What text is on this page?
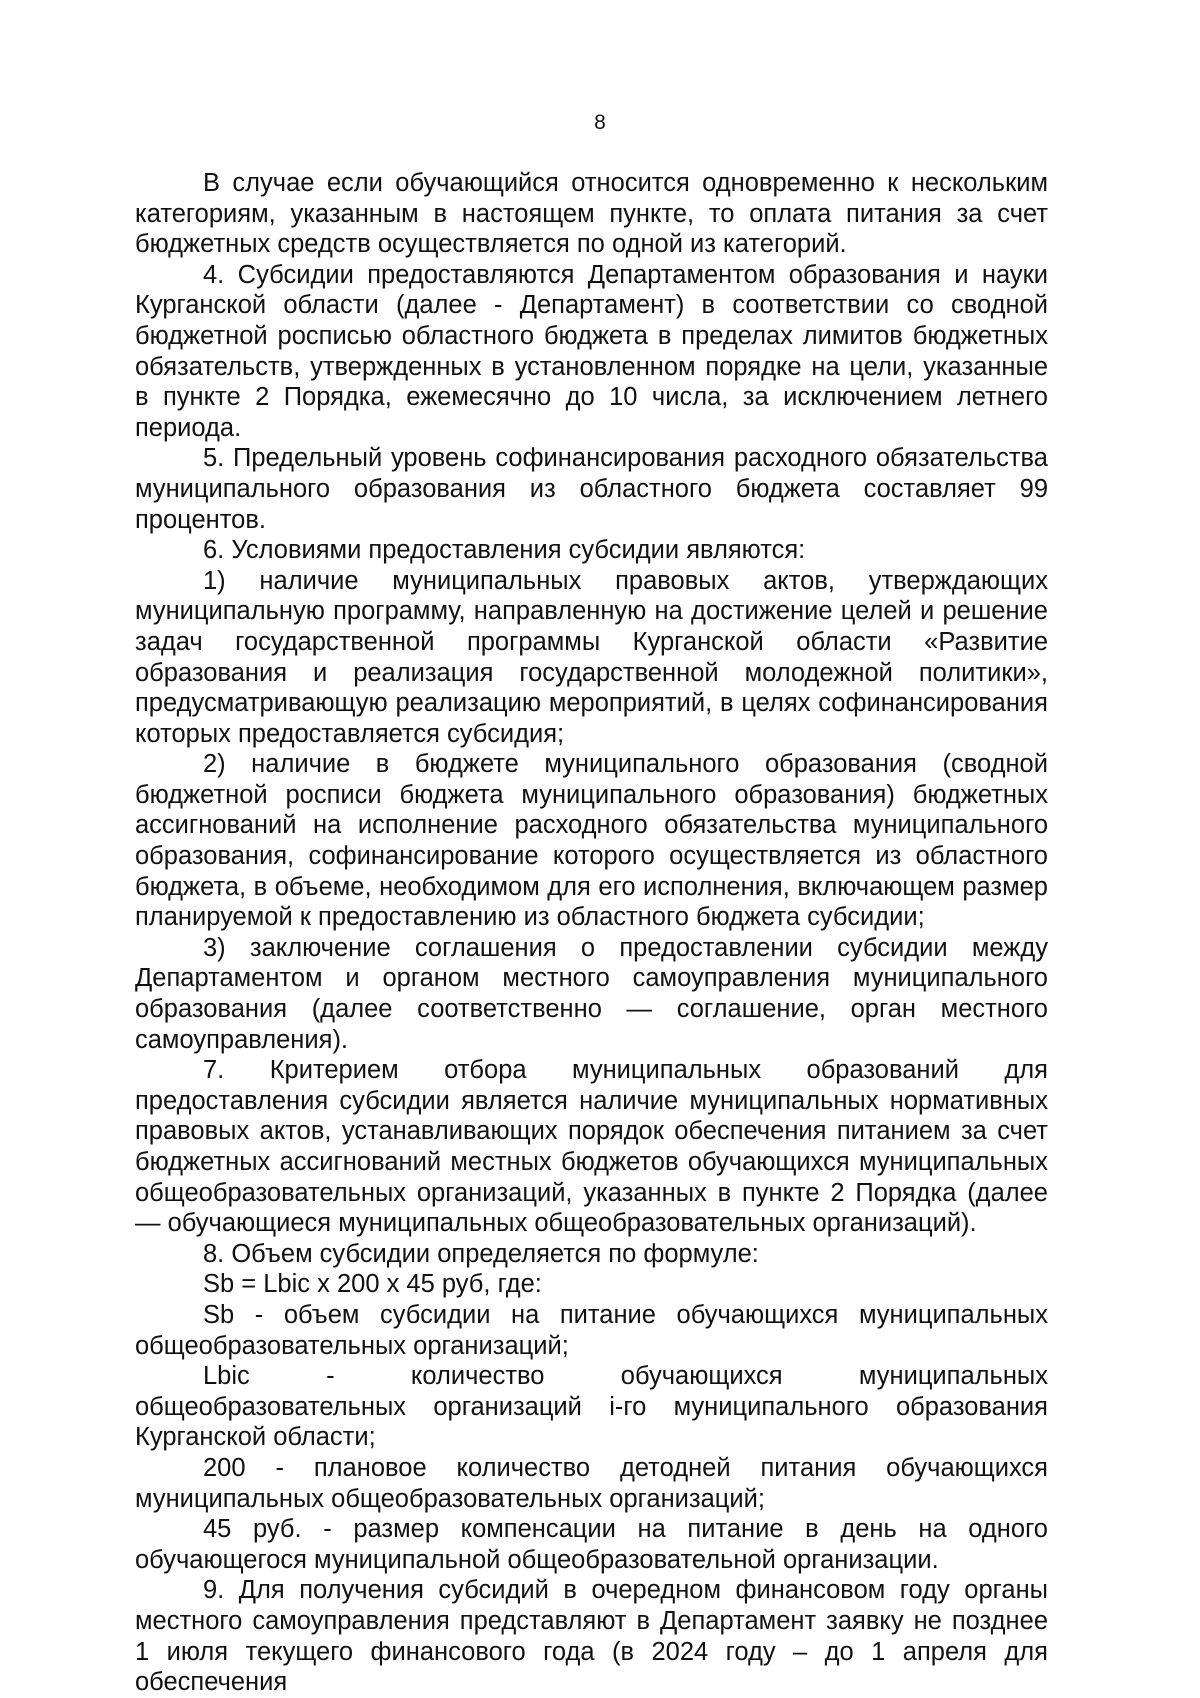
8

В случае если обучающийся относится одновременно к нескольким категориям, указанным в настоящем пункте, то оплата питания за счет бюджетных средств осуществляется по одной из категорий.

4. Субсидии предоставляются Департаментом образования и науки Курганской области (далее - Департамент) в соответствии со сводной бюджетной росписью областного бюджета в пределах лимитов бюджетных обязательств, утвержденных в установленном порядке на цели, указанные в пункте 2 Порядка, ежемесячно до 10 числа, за исключением летнего периода.

5. Предельный уровень софинансирования расходного обязательства муниципального образования из областного бюджета составляет 99 процентов.

6. Условиями предоставления субсидии являются:

1) наличие муниципальных правовых актов, утверждающих муниципальную программу, направленную на достижение целей и решение задач государственной программы Курганской области «Развитие образования и реализация государственной молодежной политики», предусматривающую реализацию мероприятий, в целях софинансирования которых предоставляется субсидия;

2) наличие в бюджете муниципального образования (сводной бюджетной росписи бюджета муниципального образования) бюджетных ассигнований на исполнение расходного обязательства муниципального образования, софинансирование которого осуществляется из областного бюджета, в объеме, необходимом для его исполнения, включающем размер планируемой к предоставлению из областного бюджета субсидии;

3) заключение соглашения о предоставлении субсидии между Департаментом и органом местного самоуправления муниципального образования (далее соответственно — соглашение, орган местного самоуправления).

7. Критерием отбора муниципальных образований для предоставления субсидии является наличие муниципальных нормативных правовых актов, устанавливающих порядок обеспечения питанием за счет бюджетных ассигнований местных бюджетов обучающихся муниципальных общеобразовательных организаций, указанных в пункте 2 Порядка (далее — обучающиеся муниципальных общеобразовательных организаций).

8. Объем субсидии определяется по формуле:

Sb = Lbic x 200 x 45 руб, где:

Sb - объем субсидии на питание обучающихся муниципальных общеобразовательных организаций;

Lbic - количество обучающихся муниципальных общеобразовательных организаций i-го муниципального образования Курганской области;

200 - плановое количество детодней питания обучающихся муниципальных общеобразовательных организаций;

45 руб. - размер компенсации на питание в день на одного обучающегося муниципальной общеобразовательной организации.

9. Для получения субсидий в очередном финансовом году органы местного самоуправления представляют в Департамент заявку не позднее 1 июля текущего финансового года (в 2024 году – до 1 апреля для обеспечения
